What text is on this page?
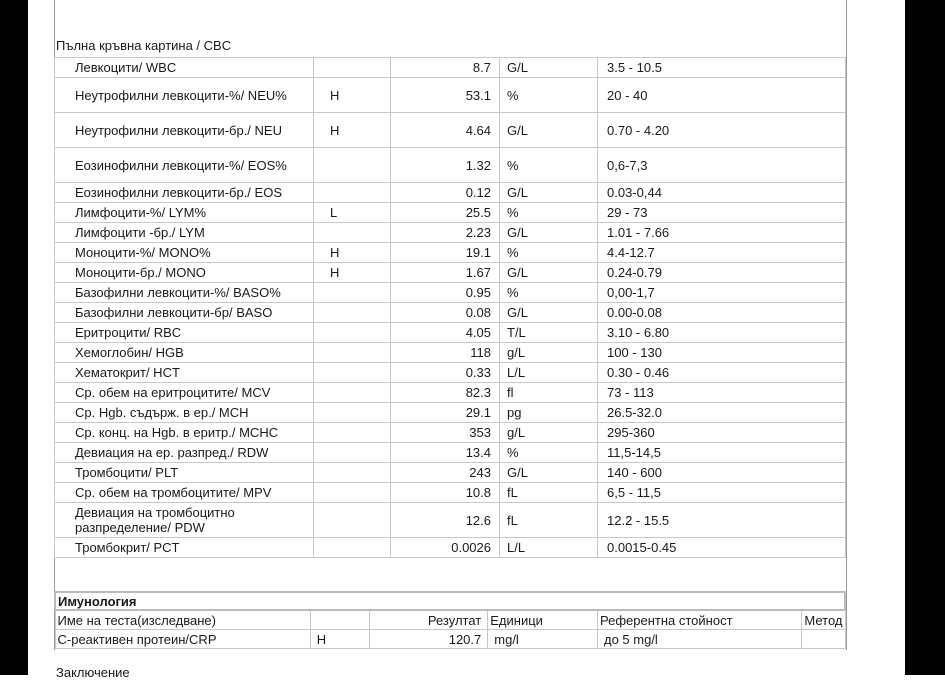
Пълна кръвна картина / CBC
Левкоцити/ WBC		8.7	G/L	3.5 - 10.5
Неутрофилни левкоцити-%/ NEU%	H	53.1	%	20 - 40
Неутрофилни левкоцити-бр./ NEU	H	4.64	G/L	0.70 - 4.20
Еозинофилни левкоцити-%/ EOS%		1.32	%	0,6-7,3
Еозинофилни левкоцити-бр./ EOS		0.12	G/L	0.03-0,44
Лимфоцити-%/ LYM%	L	25.5	%	29 - 73
Лимфоцити -бр./ LYM		2.23	G/L	1.01 - 7.66
Моноцити-%/ MONO%	H	19.1	%	4.4-12.7
Моноцити-бр./ MONO	H	1.67	G/L	0.24-0.79
Базофилни левкоцити-%/ BASO%		0.95	%	0,00-1,7
Базофилни левкоцити-бр/ BASO		0.08	G/L	0.00-0.08
Еритроцити/ RBC		4.05	T/L	3.10 - 6.80
Хемоглобин/ HGB		118	g/L	100 - 130
Хематокрит/ HCT		0.33	L/L	0.30 - 0.46
Ср. обем на еритроцитите/ MCV		82.3	fl	73 - 113
Ср. Hgb. съдърж. в ер./ MCH		29.1	pg	26.5-32.0
Ср. конц. на Hgb. в еритр./ MCHC		353	g/L	295-360
Девиация на ер. разпред./ RDW		13.4	%	11,5-14,5
Тромбоцити/ PLT		243	G/L	140 - 600
Ср. обем на тромбоцитите/ MPV		10.8	fL	6,5 - 11,5
Девиация на тромбоцитно разпределение/ PDW		12.6	fL	12.2 - 15.5
Тромбокрит/ PCT		0.0026	L/L	0.0015-0.45
Имунология					
Име на теста(изследване)		Резултат	Единици	Референтна стойност	Метод
С-реактивен протеин/CRP	H	120.7	mg/l	до 5 mg/l	
Заключение
